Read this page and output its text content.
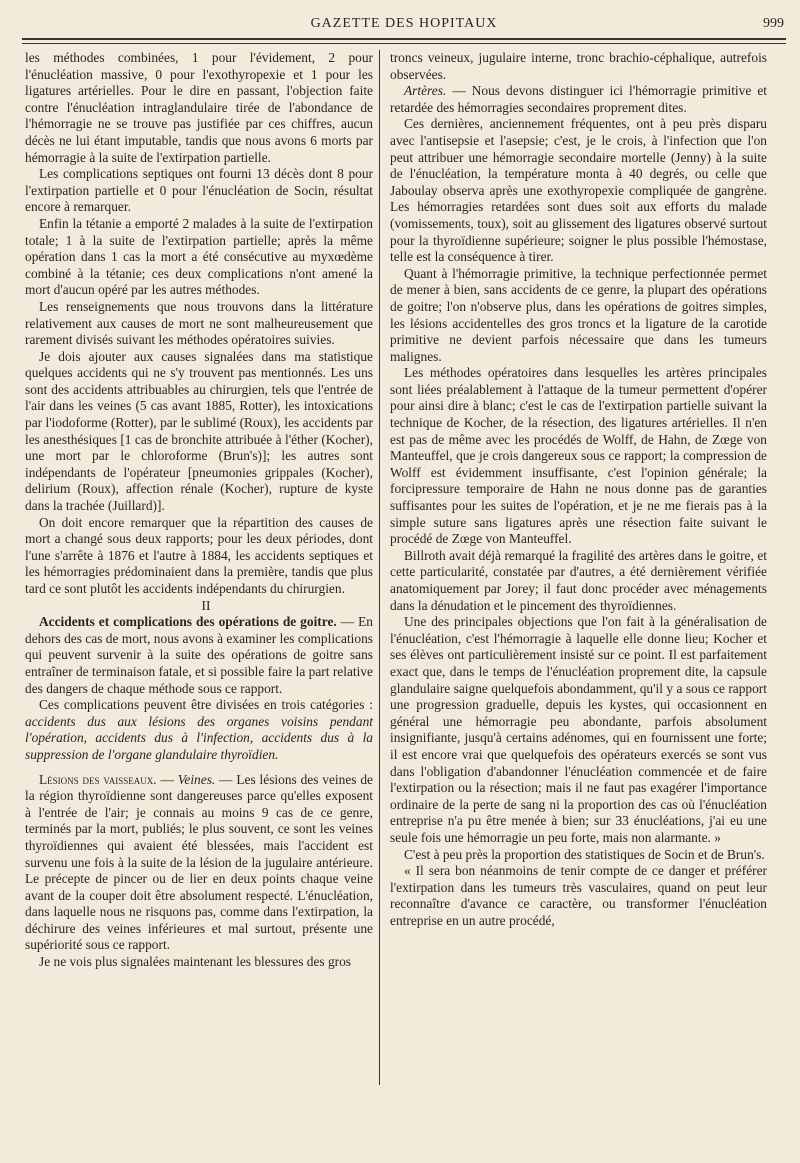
GAZETTE DES HOPITAUX	999

les méthodes combinées, 1 pour l'évidement, 2 pour l'énucléation massive, 0 pour l'exothyropexie et 1 pour les ligatures artérielles. Pour le dire en passant, l'objection faite contre l'énucléation intraglandulaire tirée de l'abondance de l'hémorragie ne se trouve pas justifiée par ces chiffres, aucun décès ne lui étant imputable, tandis que nous avons 6 morts par hémorragie à la suite de l'extirpation partielle.

Les complications septiques ont fourni 13 décès dont 8 pour l'extirpation partielle et 0 pour l'énucléation de Socin, résultat encore à remarquer.

Enfin la tétanie a emporté 2 malades à la suite de l'extirpation totale; 1 à la suite de l'extirpation partielle; après la même opération dans 1 cas la mort a été consécutive au myxœdème combiné à la tétanie; ces deux complications n'ont amené la mort d'aucun opéré par les autres méthodes.

Les renseignements que nous trouvons dans la littérature relativement aux causes de mort ne sont malheureusement que rarement divisés suivant les méthodes opératoires suivies.

Je dois ajouter aux causes signalées dans ma statistique quelques accidents qui ne s'y trouvent pas mentionnés. Les uns sont des accidents attribuables au chirurgien, tels que l'entrée de l'air dans les veines (5 cas avant 1885, Rotter), les intoxications par l'iodoforme (Rotter), par le sublimé (Roux), les accidents par les anesthésiques [1 cas de bronchite attribuée à l'éther (Kocher), une mort par le chloroforme (Brun's)]; les autres sont indépendants de l'opérateur [pneumonies grippales (Kocher), delirium (Roux), affection rénale (Kocher), rupture de kyste dans la trachée (Juillard)].

On doit encore remarquer que la répartition des causes de mort a changé sous deux rapports; pour les deux périodes, dont l'une s'arrête à 1876 et l'autre à 1884, les accidents septiques et les hémorragies prédominaient dans la première, tandis que plus tard ce sont plutôt les accidents indépendants du chirurgien.

II

Accidents et complications des opérations de goitre. — En dehors des cas de mort, nous avons à examiner les complications qui peuvent survenir à la suite des opérations de goitre sans entraîner de terminaison fatale, et si possible faire la part relative des dangers de chaque méthode sous ce rapport.

Ces complications peuvent être divisées en trois catégories : accidents dus aux lésions des organes voisins pendant l'opération, accidents dus à l'infection, accidents dus à la suppression de l'organe glandulaire thyroïdien.

Lésions des vaisseaux. — Veines. — Les lésions des veines de la région thyroïdienne sont dangereuses parce qu'elles exposent à l'entrée de l'air; je connais au moins 9 cas de ce genre, terminés par la mort, publiés; le plus souvent, ce sont les veines thyroïdiennes qui avaient été blessées, mais l'accident est survenu une fois à la suite de la lésion de la jugulaire antérieure. Le précepte de pincer ou de lier en deux points chaque veine avant de la couper doit être absolument respecté. L'énucléation, dans laquelle nous ne risquons pas, comme dans l'extirpation, la déchirure des veines inférieures et mal surtout, présente une supériorité sous ce rapport.

Je ne vois plus signalées maintenant les blessures des gros

troncs veineux, jugulaire interne, tronc brachio-céphalique, autrefois observées.

Artères. — Nous devons distinguer ici l'hémorragie primitive et retardée des hémorragies secondaires proprement dites.

Ces dernières, anciennement fréquentes, ont à peu près disparu avec l'antisepsie et l'asepsie; c'est, je le crois, à l'infection que l'on peut attribuer une hémorragie secondaire mortelle (Jenny) à la suite de l'énucléation, la température monta à 40 degrés, ou celle que Jaboulay observa après une exothyropexie compliquée de gangrène. Les hémorragies retardées sont dues soit aux efforts du malade (vomissements, toux), soit au glissement des ligatures observé surtout pour la thyroïdienne supérieure; soigner le plus possible l'hémostase, telle est la conséquence à tirer.

Quant à l'hémorragie primitive, la technique perfectionnée permet de mener à bien, sans accidents de ce genre, la plupart des opérations de goitre; l'on n'observe plus, dans les opérations de goitres simples, les lésions accidentelles des gros troncs et la ligature de la carotide primitive ne devient parfois nécessaire que dans les tumeurs malignes.

Les méthodes opératoires dans lesquelles les artères principales sont liées préalablement à l'attaque de la tumeur permettent d'opérer pour ainsi dire à blanc; c'est le cas de l'extirpation partielle suivant la technique de Kocher, de la résection, des ligatures artérielles. Il n'en est pas de même avec les procédés de Wolff, de Hahn, de Zœge von Manteuffel, que je crois dangereux sous ce rapport; la compression de Wolff est évidemment insuffisante, c'est l'opinion générale; la forcipressure temporaire de Hahn ne nous donne pas de garanties suffisantes pour les suites de l'opération, et je ne me fierais pas à la simple suture sans ligatures après une résection faite suivant le procédé de Zœge von Manteuffel.

Billroth avait déjà remarqué la fragilité des artères dans le goitre, et cette particularité, constatée par d'autres, a été dernièrement vérifiée anatomiquement par Jorey; il faut donc procéder avec ménagements dans la dénudation et le pincement des thyroïdiennes.

Une des principales objections que l'on fait à la généralisation de l'énucléation, c'est l'hémorragie à laquelle elle donne lieu; Kocher et ses élèves ont particulièrement insisté sur ce point. Il est parfaitement exact que, dans le temps de l'énucléation proprement dite, la capsule glandulaire saigne quelquefois abondamment, qu'il y a sous ce rapport une progression graduelle, depuis les kystes, qui occasionnent en général une hémorragie peu abondante, parfois absolument insignifiante, jusqu'à certains adénomes, qui en fournissent une forte; il est encore vrai que quelquefois des opérateurs exercés se sont vus dans l'obligation d'abandonner l'énucléation commencée et de faire l'extirpation ou la résection; mais il ne faut pas exagérer l'importance ordinaire de la perte de sang ni la proportion des cas où l'énucléation entreprise n'a pu être menée à bien; sur 33 énucléations, j'ai eu une seule fois une hémorragie un peu forte, mais non alarmante. »

C'est à peu près la proportion des statistiques de Socin et de Brun's.

« Il sera bon néanmoins de tenir compte de ce danger et préférer l'extirpation dans les tumeurs très vasculaires, quand on peut leur reconnaître d'avance ce caractère, ou transformer l'énucléation entreprise en un autre procédé,
